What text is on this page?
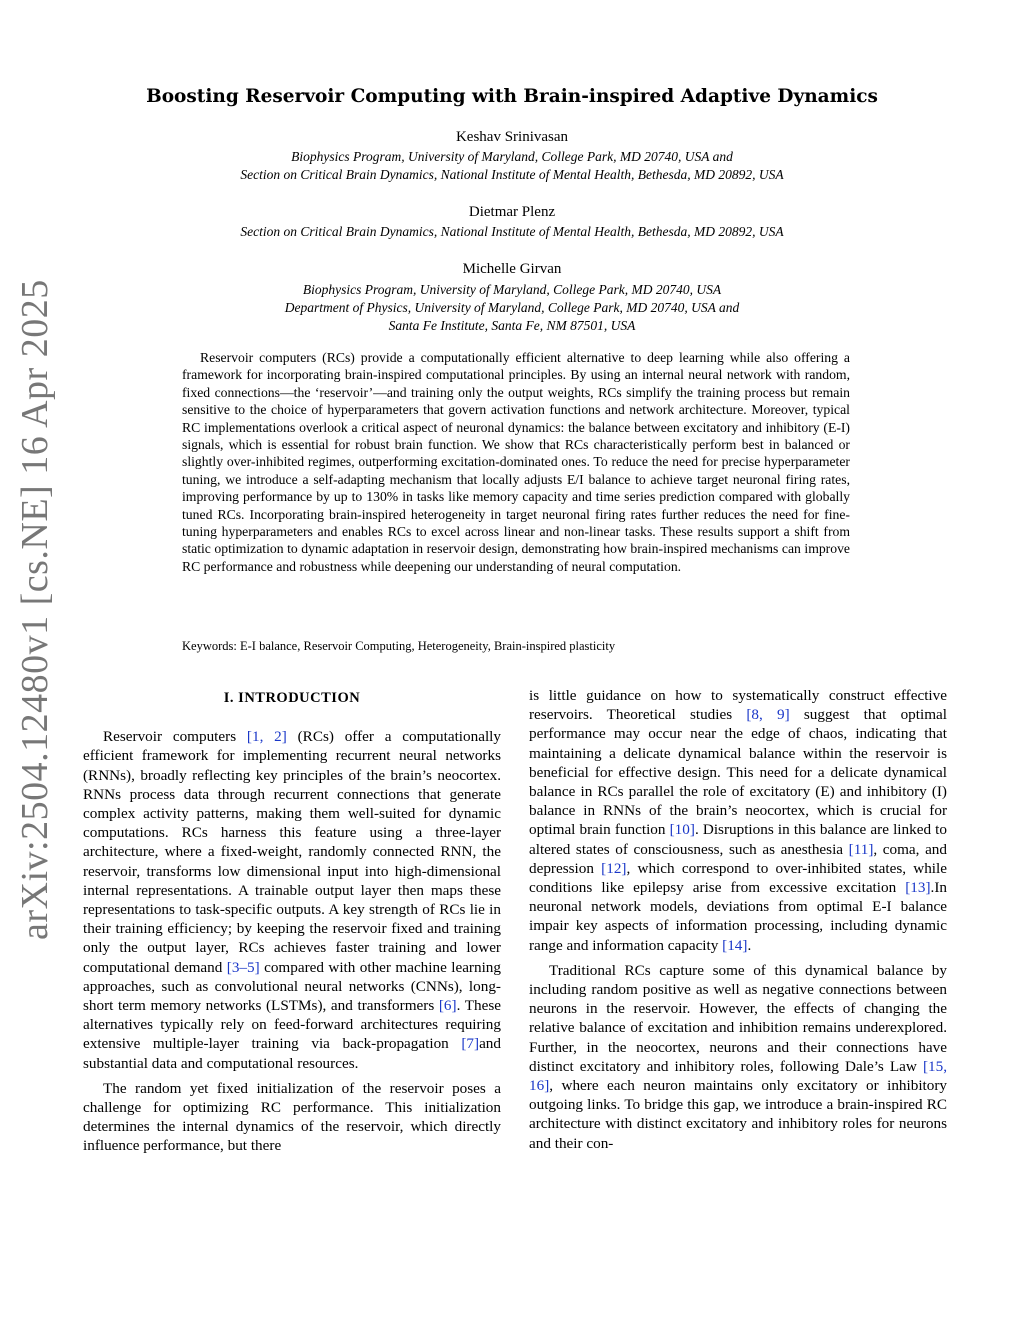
arXiv:2504.12480v1 [cs.NE] 16 Apr 2025
Boosting Reservoir Computing with Brain-inspired Adaptive Dynamics
Keshav Srinivasan
Biophysics Program, University of Maryland, College Park, MD 20740, USA and
Section on Critical Brain Dynamics, National Institute of Mental Health, Bethesda, MD 20892, USA
Dietmar Plenz
Section on Critical Brain Dynamics, National Institute of Mental Health, Bethesda, MD 20892, USA
Michelle Girvan
Biophysics Program, University of Maryland, College Park, MD 20740, USA
Department of Physics, University of Maryland, College Park, MD 20740, USA and
Santa Fe Institute, Santa Fe, NM 87501, USA
Reservoir computers (RCs) provide a computationally efficient alternative to deep learning while also offering a framework for incorporating brain-inspired computational principles. By using an internal neural network with random, fixed connections—the ‘reservoir’—and training only the output weights, RCs simplify the training process but remain sensitive to the choice of hyperparameters that govern activation functions and network architecture. Moreover, typical RC implementations overlook a critical aspect of neuronal dynamics: the balance between excitatory and inhibitory (E-I) signals, which is essential for robust brain function. We show that RCs characteristically perform best in balanced or slightly over-inhibited regimes, outperforming excitation-dominated ones. To reduce the need for precise hyperparameter tuning, we introduce a self-adapting mechanism that locally adjusts E/I balance to achieve target neuronal firing rates, improving performance by up to 130% in tasks like memory capacity and time series prediction compared with globally tuned RCs. Incorporating brain-inspired heterogeneity in target neuronal firing rates further reduces the need for fine-tuning hyperparameters and enables RCs to excel across linear and non-linear tasks. These results support a shift from static optimization to dynamic adaptation in reservoir design, demonstrating how brain-inspired mechanisms can improve RC performance and robustness while deepening our understanding of neural computation.
Keywords: E-I balance, Reservoir Computing, Heterogeneity, Brain-inspired plasticity
I. INTRODUCTION

Reservoir computers [1, 2] (RCs) offer a computationally efficient framework for implementing recurrent neural networks (RNNs), broadly reflecting key principles of the brain’s neocortex. RNNs process data through recurrent connections that generate complex activity patterns, making them well-suited for dynamic computations. RCs harness this feature using a three-layer architecture, where a fixed-weight, randomly connected RNN, the reservoir, transforms low dimensional input into high-dimensional internal representations. A trainable output layer then maps these representations to task-specific outputs. A key strength of RCs lie in their training efficiency; by keeping the reservoir fixed and training only the output layer, RCs achieves faster training and lower computational demand [3–5] compared with other machine learning approaches, such as convolutional neural networks (CNNs), long-short term memory networks (LSTMs), and transformers [6]. These alternatives typically rely on feed-forward architectures requiring extensive multiple-layer training via back-propagation [7]and substantial data and computational resources.

The random yet fixed initialization of the reservoir poses a challenge for optimizing RC performance. This initialization determines the internal dynamics of the reservoir, which directly influence performance, but there

is little guidance on how to systematically construct effective reservoirs. Theoretical studies [8, 9] suggest that optimal performance may occur near the edge of chaos, indicating that maintaining a delicate dynamical balance within the reservoir is beneficial for effective design. This need for a delicate dynamical balance in RCs parallel the role of excitatory (E) and inhibitory (I) balance in RNNs of the brain’s neocortex, which is crucial for optimal brain function [10]. Disruptions in this balance are linked to altered states of consciousness, such as anesthesia [11], coma, and depression [12], which correspond to over-inhibited states, while conditions like epilepsy arise from excessive excitation [13].In neuronal network models, deviations from optimal E-I balance impair key aspects of information processing, including dynamic range and information capacity [14].

Traditional RCs capture some of this dynamical balance by including random positive as well as negative connections between neurons in the reservoir. However, the effects of changing the relative balance of excitation and inhibition remains underexplored. Further, in the neocortex, neurons and their connections have distinct excitatory and inhibitory roles, following Dale’s Law [15, 16], where each neuron maintains only excitatory or inhibitory outgoing links. To bridge this gap, we introduce a brain-inspired RC architecture with distinct excitatory and inhibitory roles for neurons and their con-
